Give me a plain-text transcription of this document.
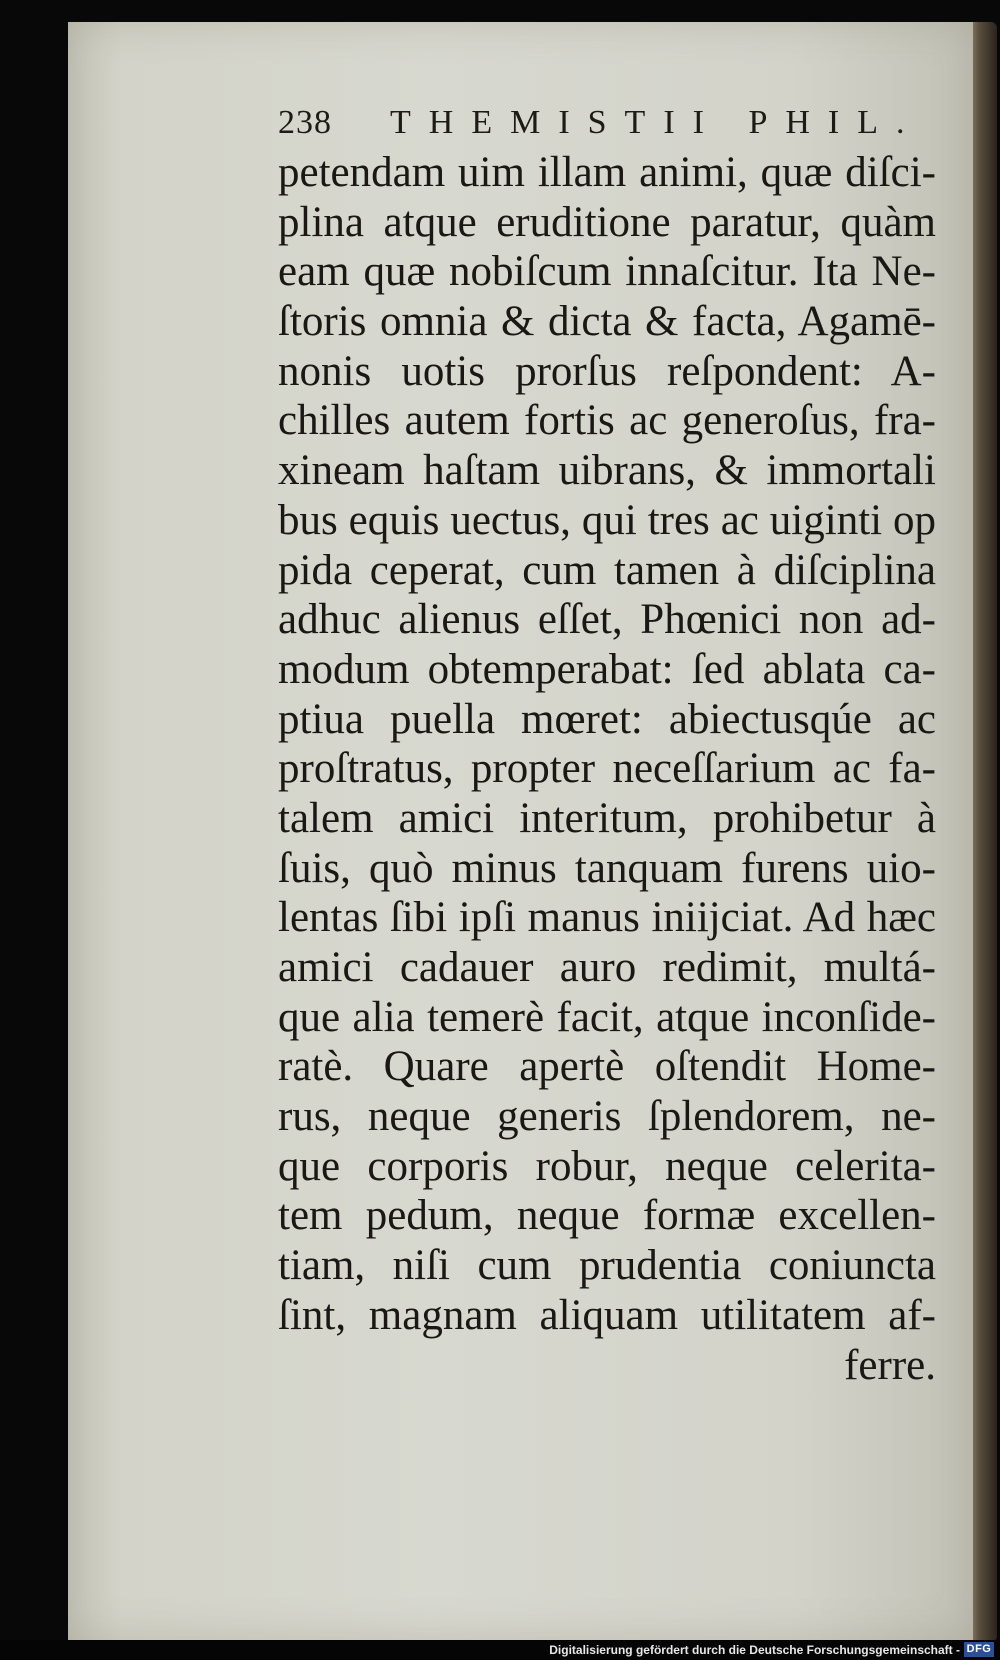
238 THEMISTII PHIL.
petendam uim illam animi, quæ diſci-
plina atque eruditione paratur, quàm
eam quæ nobiſcum innaſcitur. Ita Ne-
ſtoris omnia & dicta & facta, Agamē-
nonis uotis prorſus reſpondent: A-
chilles autem fortis ac generoſus, fra-
xineam haſtam uibrans, & immortali
bus equis uectus, qui tres ac uiginti op
pida ceperat, cum tamen à diſciplina
adhuc alienus eſſet, Phœnici non ad-
modum obtemperabat: ſed ablata ca-
ptiua puella mœret: abiectusqúe ac
proſtratus, propter neceſſarium ac fa-
talem amici interitum, prohibetur à
ſuis, quò minus tanquam furens uio-
lentas ſibi ipſi manus iniĳciat. Ad hæc
amici cadauer auro redimit, multá-
que alia temerè facit, atque inconſide-
ratè. Quare apertè oſtendit Home-
rus, neque generis ſplendorem, ne-
que corporis robur, neque celerita-
tem pedum, neque formæ excellen-
tiam, niſi cum prudentia coniuncta
ſint, magnam aliquam utilitatem af-
ferre.
Digitalisierung gefördert durch die Deutsche Forschungsgemeinschaft - DFG
